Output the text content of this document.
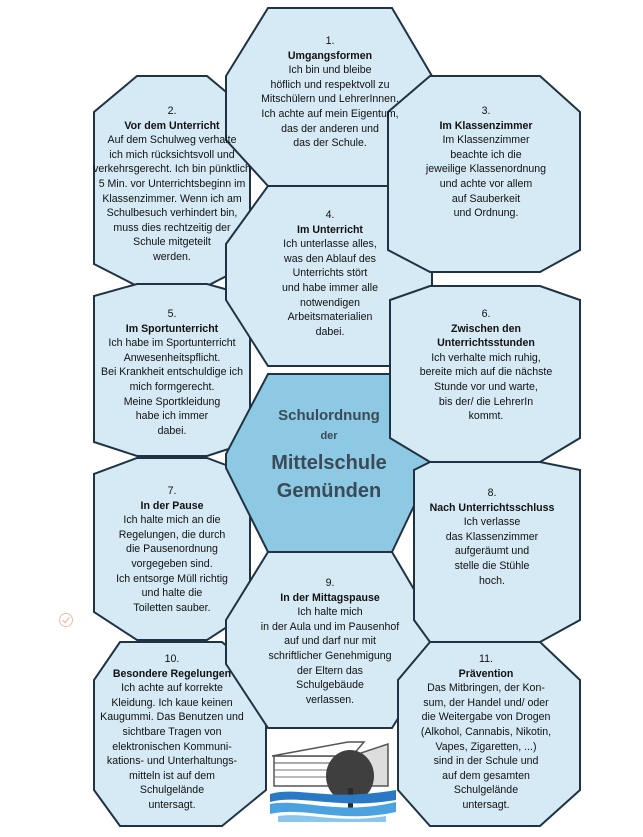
1.
Umgangsformen
Ich bin und bleibe
höflich und respektvoll zu
Mitschülern und LehrerInnen.
Ich achte auf mein Eigentum,
das der anderen und
das der Schule.
2.
Vor dem Unterricht
Auf dem Schulweg verhalte
ich mich rücksichtsvoll und
verkehrsgerecht. Ich bin pünktlich
5 Min. vor Unterrichtsbeginn im
Klassenzimmer. Wenn ich am
Schulbesuch verhindert bin,
muss dies rechtzeitig der
Schule mitgeteilt
werden.
3.
Im Klassenzimmer
Im Klassenzimmer
beachte ich die
jeweilige Klassenordnung
und achte vor allem
auf Sauberkeit
und Ordnung.
4.
Im Unterricht
Ich unterlasse alles,
was den Ablauf des
Unterrichts stört
und habe immer alle
notwendigen
Arbeitsmaterialien
dabei.
5.
Im Sportunterricht
Ich habe im Sportunterricht
Anwesenheitspflicht.
Bei Krankheit entschuldige ich
mich formgerecht.
Meine Sportkleidung
habe ich immer
dabei.
6.
Zwischen den
Unterrichtsstunden
Ich verhalte mich ruhig,
bereite mich auf die nächste
Stunde vor und warte,
bis der/ die LehrerIn
kommt.
7.
In der Pause
Ich halte mich an die
Regelungen, die durch
die Pausenordnung
vorgegeben sind.
Ich entsorge Müll richtig
und halte die
Toiletten sauber.
8.
Nach Unterrichtsschluss
Ich verlasse
das Klassenzimmer
aufgeräumt und
stelle die Stühle
hoch.
9.
In der Mittagspause
Ich halte mich
in der Aula und im Pausenhof
auf und darf nur mit
schriftlicher Genehmigung
der Eltern das
Schulgebäude
verlassen.
10.
Besondere Regelungen
Ich achte auf korrekte
Kleidung. Ich kaue keinen
Kaugummi. Das Benutzen und
sichtbare Tragen von
elektronischen Kommuni-
kations- und Unterhaltungs-
mitteln ist auf dem
Schulgelände
untersagt.
11.
Prävention
Das Mitbringen, der Kon-
sum, der Handel und/ oder
die Weitergabe von Drogen
(Alkohol, Cannabis, Nikotin,
Vapes, Zigaretten, ...)
sind in der Schule und
auf dem gesamten
Schulgelände
untersagt.
Schulordnung
der
Mittelschule Gemünden
